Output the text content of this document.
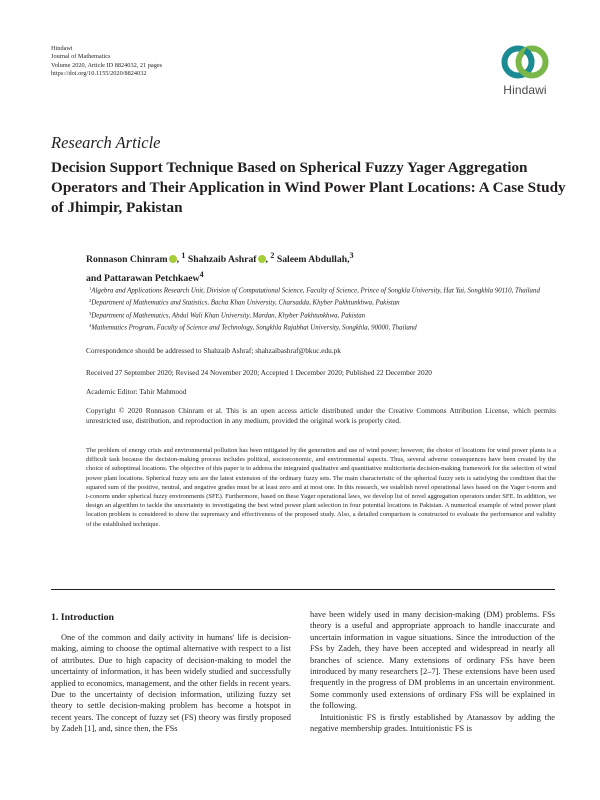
Hindawi
Journal of Mathematics
Volume 2020, Article ID 8824032, 21 pages
https://doi.org/10.1155/2020/8824032
Hindawi
Research Article
Decision Support Technique Based on Spherical Fuzzy Yager Aggregation Operators and Their Application in Wind Power Plant Locations: A Case Study of Jhimpir, Pakistan
Ronnason Chinram , $^1$ Shahzaib Ashraf , $^2$ Saleem Abdullah,$^3$
and Pattarawan Petchkaew$^4$
$^1$Algebra and Applications Research Unit, Division of Computational Science, Faculty of Science, Prince of Songkla University, Hat Yai, Songkhla 90110, Thailand
$^2$Department of Mathematics and Statistics, Bacha Khan University, Charsadda, Khyber Pakhtunkhwa, Pakistan
$^3$Department of Mathematics, Abdul Wali Khan University, Mardan, Khyber Pakhtunkhwa, Pakistan
$^4$Mathematics Program, Faculty of Science and Technology, Songkhla Rajabhat University, Songkhla, 90000, Thailand
Correspondence should be addressed to Shahzaib Ashraf; shahzaibashraf@bkuc.edu.pk
Received 27 September 2020; Revised 24 November 2020; Accepted 1 December 2020; Published 22 December 2020
Academic Editor: Tahir Mahmood
Copyright © 2020 Ronnason Chinram et al. This is an open access article distributed under the Creative Commons Attribution License, which permits unrestricted use, distribution, and reproduction in any medium, provided the original work is properly cited.
The problem of energy crisis and environmental pollution has been mitigated by the generation and use of wind power; however, the choice of locations for wind power plants is a difficult task because the decision-making process includes political, socioeconomic, and environmental aspects. Thus, several adverse consequences have been created by the choice of suboptimal locations. The objective of this paper is to address the integrated qualitative and quantitative multicriteria decision-making framework for the selection of wind power plant locations. Spherical fuzzy sets are the latest extension of the ordinary fuzzy sets. The main characteristic of the spherical fuzzy sets is satisfying the condition that the squared sum of the positive, neutral, and negative grades must be at least zero and at most one. In this research, we establish novel operational laws based on the Yager t-norm and t-conorm under spherical fuzzy environments (SFE). Furthermore, based on these Yager operational laws, we develop list of novel aggregation operators under SFE. In addition, we design an algorithm to tackle the uncertainty to investigating the best wind power plant selection in four potential locations in Pakistan. A numerical example of wind power plant location problem is considered to show the supremacy and effectiveness of the proposed study. Also, a detailed comparison is constructed to evaluate the performance and validity of the established technique.
1. Introduction

One of the common and daily activity in humans' life is decision-making, aiming to choose the optimal alternative with respect to a list of attributes. Due to high capacity of decision-making to model the uncertainty of information, it has been widely studied and successfully applied to economics, management, and the other fields in recent years. Due to the uncertainty of decision information, utilizing fuzzy set theory to settle decision-making problem has become a hotspot in recent years. The concept of fuzzy set (FS) theory was firstly proposed by Zadeh [1], and, since then, the FSs

have been widely used in many decision-making (DM) problems. FSs theory is a useful and appropriate approach to handle inaccurate and uncertain information in vague situations. Since the introduction of the FSs by Zadeh, they have been accepted and widespread in nearly all branches of science. Many extensions of ordinary FSs have been introduced by many researchers [2–7]. These extensions have been used frequently in the progress of DM problems in an uncertain environment. Some commonly used extensions of ordinary FSs will be explained in the following.

Intuitionistic FS is firstly established by Atanassov by adding the negative membership grades. Intuitionistic FS is
